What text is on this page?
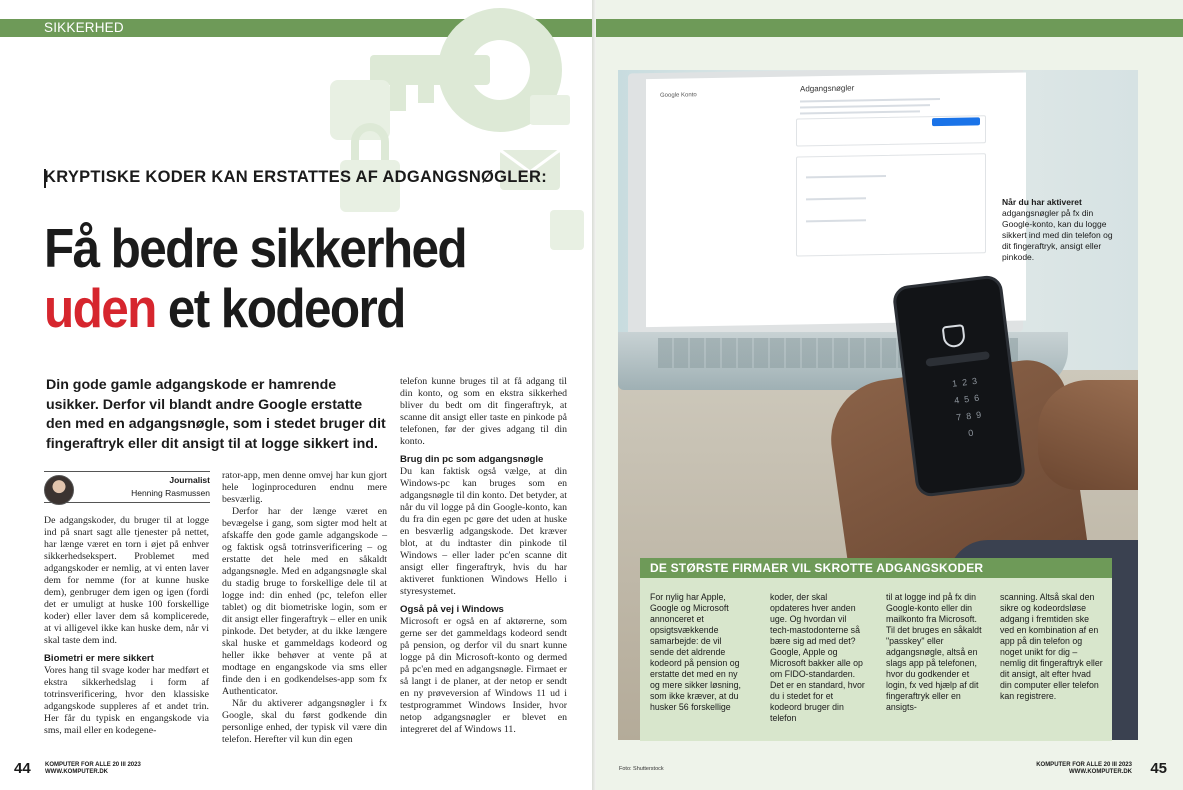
SIKKERHED
KRYPTISKE KODER KAN ERSTATTES AF ADGANGSNØGLER:
Få bedre sikkerhed
uden et kodeord

Din gode gamle adgangskode er hamrende usikker. Derfor vil blandt andre Google erstatte den med en adgangsnøgle, som i stedet bruger dit fingeraftryk eller dit ansigt til at logge sikkert ind.

Journalist
Henning Rasmussen

De adgangskoder, du bruger til at logge ind på snart sagt alle tjenester på nettet, har længe været en torn i øjet på enhver sikkerhedsekspert. Problemet med adgangskoder er nemlig, at vi enten laver dem for nemme (for at kunne huske dem), genbruger dem igen og igen (fordi det er umuligt at huske 100 forskellige koder) eller laver dem så komplicerede, at vi alligevel ikke kan huske dem, når vi skal taste dem ind.

Biometri er mere sikkert

Vores hang til svage koder har medført et ekstra sikkerhedslag i form af totrinsverificering, hvor den klassiske adgangskode suppleres af et andet trin. Her får du typisk en engangskode via sms, mail eller en kodegene-

rator-app, men denne omvej har kun gjort hele loginproceduren endnu mere besværlig.

Derfor har der længe været en bevægelse i gang, som sigter mod helt at afskaffe den gode gamle adgangskode – og faktisk også totrinsverificering – og erstatte det hele med en såkaldt adgangsnøgle. Med en adgangsnøgle skal du stadig bruge to forskellige dele til at logge ind: din enhed (pc, telefon eller tablet) og dit biometriske login, som er dit ansigt eller fingeraftryk – eller en unik pinkode. Det betyder, at du ikke længere skal huske et gammeldags kodeord og heller ikke behøver at vente på at modtage en engangskode via sms eller finde den i en godkendelses-app som fx Authenticator.

Når du aktiverer adgangsnøgler i fx Google, skal du først godkende din personlige enhed, der typisk vil være din telefon. Herefter vil kun din egen

telefon kunne bruges til at få adgang til din konto, og som en ekstra sikkerhed bliver du bedt om dit fingeraftryk, at scanne dit ansigt eller taste en pinkode på telefonen, før der gives adgang til din konto.

Brug din pc som adgangsnøgle

Du kan faktisk også vælge, at din Windows-pc kan bruges som en adgangsnøgle til din konto. Det betyder, at når du vil logge på din Google-konto, kan du fra din egen pc gøre det uden at huske en besværlig adgangskode. Det kræver blot, at du indtaster din pinkode til Windows – eller lader pc'en scanne dit ansigt eller fingeraftryk, hvis du har aktiveret funktionen Windows Hello i styresystemet.

Også på vej i Windows

Microsoft er også en af aktørerne, som gerne ser det gammeldags kodeord sendt på pension, og derfor vil du snart kunne logge på din Microsoft-konto og dermed på pc'en med en adgangsnøgle. Firmaet er så langt i de planer, at der netop er sendt en ny prøveversion af Windows 11 ud i testprogrammet Windows Insider, hvor netop adgangsnøgler er blevet en integreret del af Windows 11.

44 KOMPUTER FOR ALLE 20 III 2023
WWW.KOMPUTER.DK
Google Konto
Adgangsnøgler
1 2 3
4 5 6
7 8 9
0
Når du har aktiveret
adgangsnøgler på fx din Google-konto, kan du logge sikkert ind med din telefon og dit fingeraftryk, ansigt eller pinkode.
DE STØRSTE FIRMAER VIL SKROTTE ADGANGSKODER
For nylig har Apple, Google og Microsoft annonceret et opsigtsvækkende samarbejde: de vil sende det aldrende kodeord på pension og erstatte det med en ny og mere sikker løsning, som ikke kræver, at du husker 56 forskellige
koder, der skal opdateres hver anden uge. Og hvordan vil tech-mastodonterne så bære sig ad med det? Google, Apple og Microsoft bakker alle op om FIDO-standarden. Det er en standard, hvor du i stedet for et kodeord bruger din telefon
til at logge ind på fx din Google-konto eller din mailkonto fra Microsoft. Til det bruges en såkaldt "passkey" eller adgangsnøgle, altså en slags app på telefonen, hvor du godkender et login, fx ved hjælp af dit fingeraftryk eller en ansigts-
scanning. Altså skal den sikre og kodeordsløse adgang i fremtiden ske ved en kombination af en app på din telefon og noget unikt for dig – nemlig dit fingeraftryk eller dit ansigt, alt efter hvad din computer eller telefon kan registrere.
Foto: Shutterstock
KOMPUTER FOR ALLE 20 III 2023
WWW.KOMPUTER.DK 45
